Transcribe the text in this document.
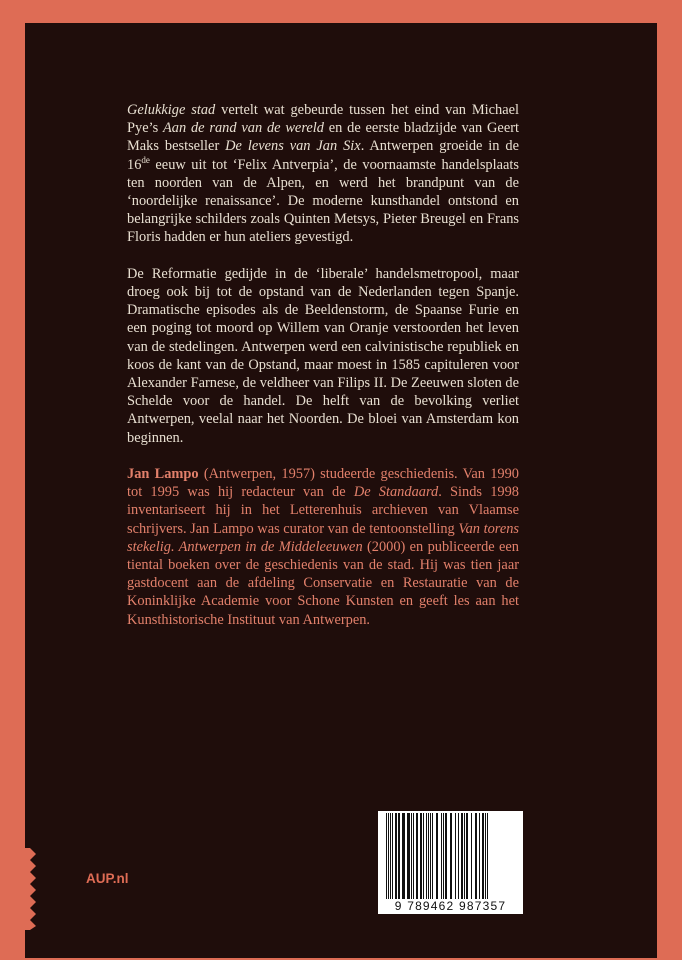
Gelukkige stad vertelt wat gebeurde tussen het eind van Michael Pye’s Aan de rand van de wereld en de eerste bladzijde van Geert Maks bestseller De levens van Jan Six. Antwerpen groeide in de 16de eeuw uit tot ‘Felix Antverpia’, de voornaamste handelsplaats ten noorden van de Alpen, en werd het brandpunt van de ‘noordelijke renaissance’. De moderne kunsthandel ontstond en belangrijke schilders zoals Quinten Metsys, Pieter Breugel en Frans Floris hadden er hun ateliers gevestigd.

De Reformatie gedijde in de ‘liberale’ handelsmetropool, maar droeg ook bij tot de opstand van de Nederlanden tegen Spanje. Dramatische episodes als de Beeldenstorm, de Spaanse Furie en een poging tot moord op Willem van Oranje verstoorden het leven van de stedelingen. Antwerpen werd een calvinistische republiek en koos de kant van de Opstand, maar moest in 1585 capituleren voor Alexander Farnese, de veldheer van Filips II. De Zeeuwen sloten de Schelde voor de handel. De helft van de bevolking verliet Antwerpen, veelal naar het Noorden. De bloei van Amsterdam kon beginnen.

Jan Lampo (Antwerpen, 1957) studeerde geschiedenis. Van 1990 tot 1995 was hij redacteur van de De Standaard. Sinds 1998 inventariseert hij in het Letterenhuis archieven van Vlaamse schrijvers. Jan Lampo was curator van de tentoonstelling Van torens stekelig. Antwerpen in de Middeleeuwen (2000) en publiceerde een tiental boeken over de geschiedenis van de stad. Hij was tien jaar gastdocent aan de afdeling Conservatie en Restauratie van de Koninklijke Academie voor Schone Kunsten en geeft les aan het Kunsthistorische Instituut van Antwerpen.

AUP.nl
9 789462 987357
